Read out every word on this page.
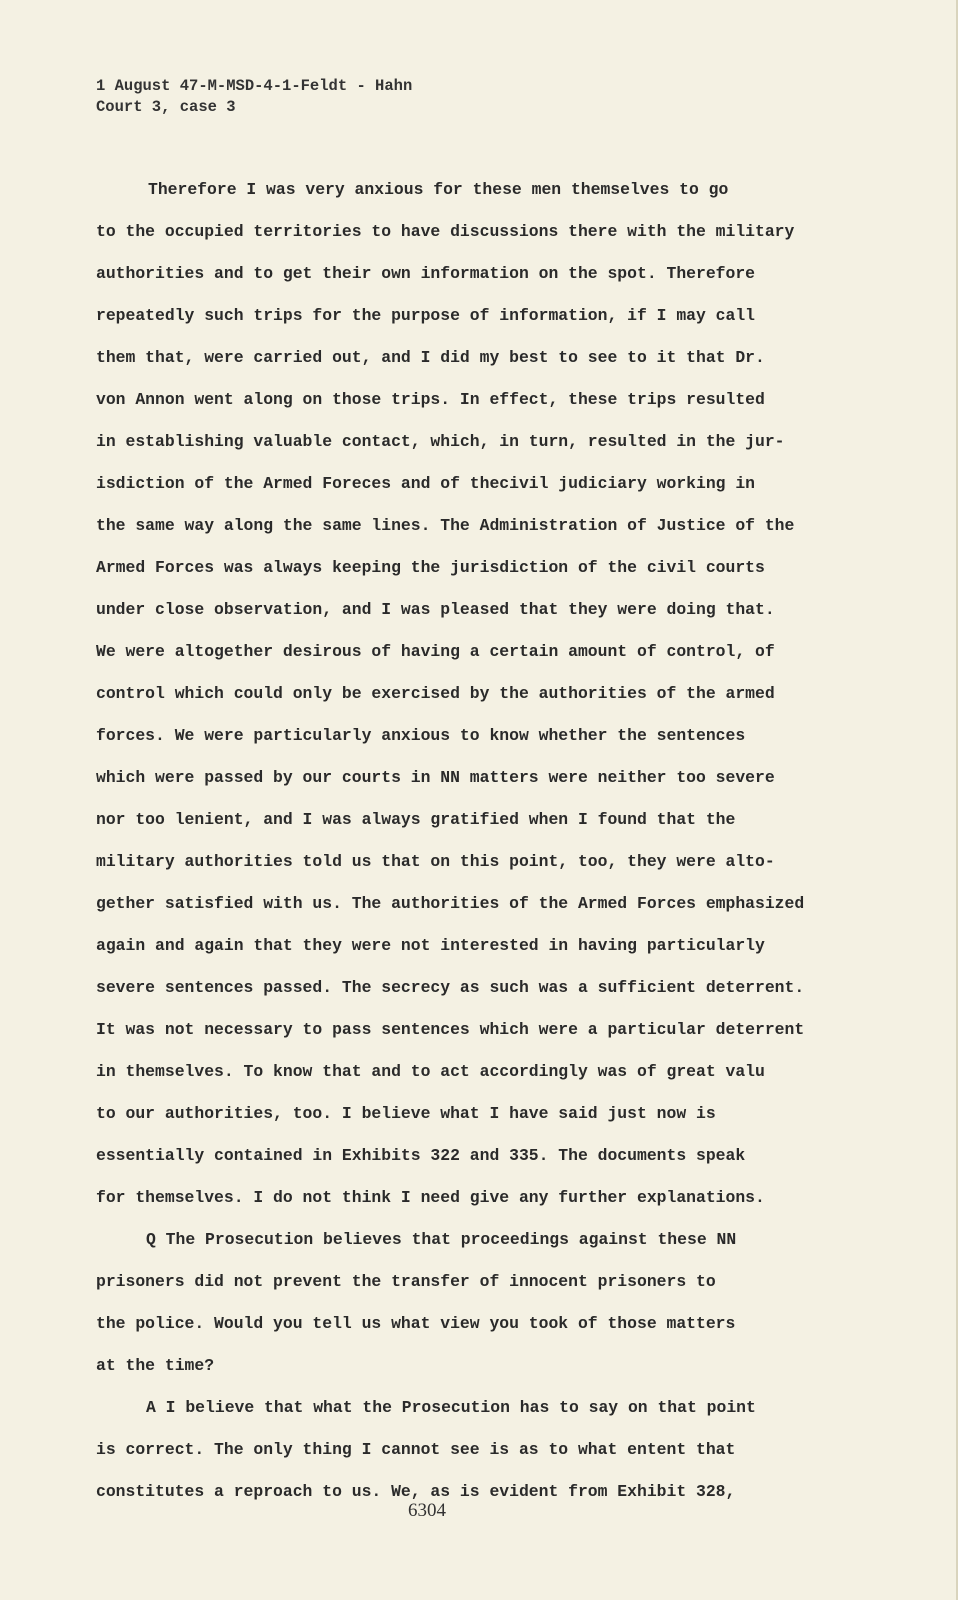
1 August 47-M-MSD-4-1-Feldt - Hahn
Court 3, case 3
Therefore I was very anxious for these men themselves to go
to the occupied territories to have discussions there with the military
authorities and to get their own information on the spot. Therefore
repeatedly such trips for the purpose of information, if I may call
them that, were carried out, and I did my best to see to it that Dr.
von Annon went along on those trips. In effect, these trips resulted
in establishing valuable contact, which, in turn, resulted in the jur-
isdiction of the Armed Foreces and of thecivil judiciary working in
the same way along the same lines. The Administration of Justice of the
Armed Forces was always keeping the jurisdiction of the civil courts
under close observation, and I was pleased that they were doing that.
We were altogether desirous of having a certain amount of control, of
control which could only be exercised by the authorities of the armed
forces. We were particularly anxious to know whether the sentences
which were passed by our courts in NN matters were neither too severe
nor too lenient, and I was always gratified when I found that the
military authorities told us that on this point, too, they were alto-
gether satisfied with us. The authorities of the Armed Forces emphasized
again and again that they were not interested in having particularly
severe sentences passed. The secrecy as such was a sufficient deterrent.
It was not necessary to pass sentences which were a particular deterrent
in themselves. To know that and to act accordingly was of great valu
to our authorities, too. I believe what I have said just now is
essentially contained in Exhibits 322 and 335. The documents speak
for themselves. I do not think I need give any further explanations.
Q The Prosecution believes that proceedings against these NN
prisoners did not prevent the transfer of innocent prisoners to
the police. Would you tell us what view you took of those matters
at the time?
A I believe that what the Prosecution has to say on that point
is correct. The only thing I cannot see is as to what entent that
constitutes a reproach to us. We, as is evident from Exhibit 328,
6304
